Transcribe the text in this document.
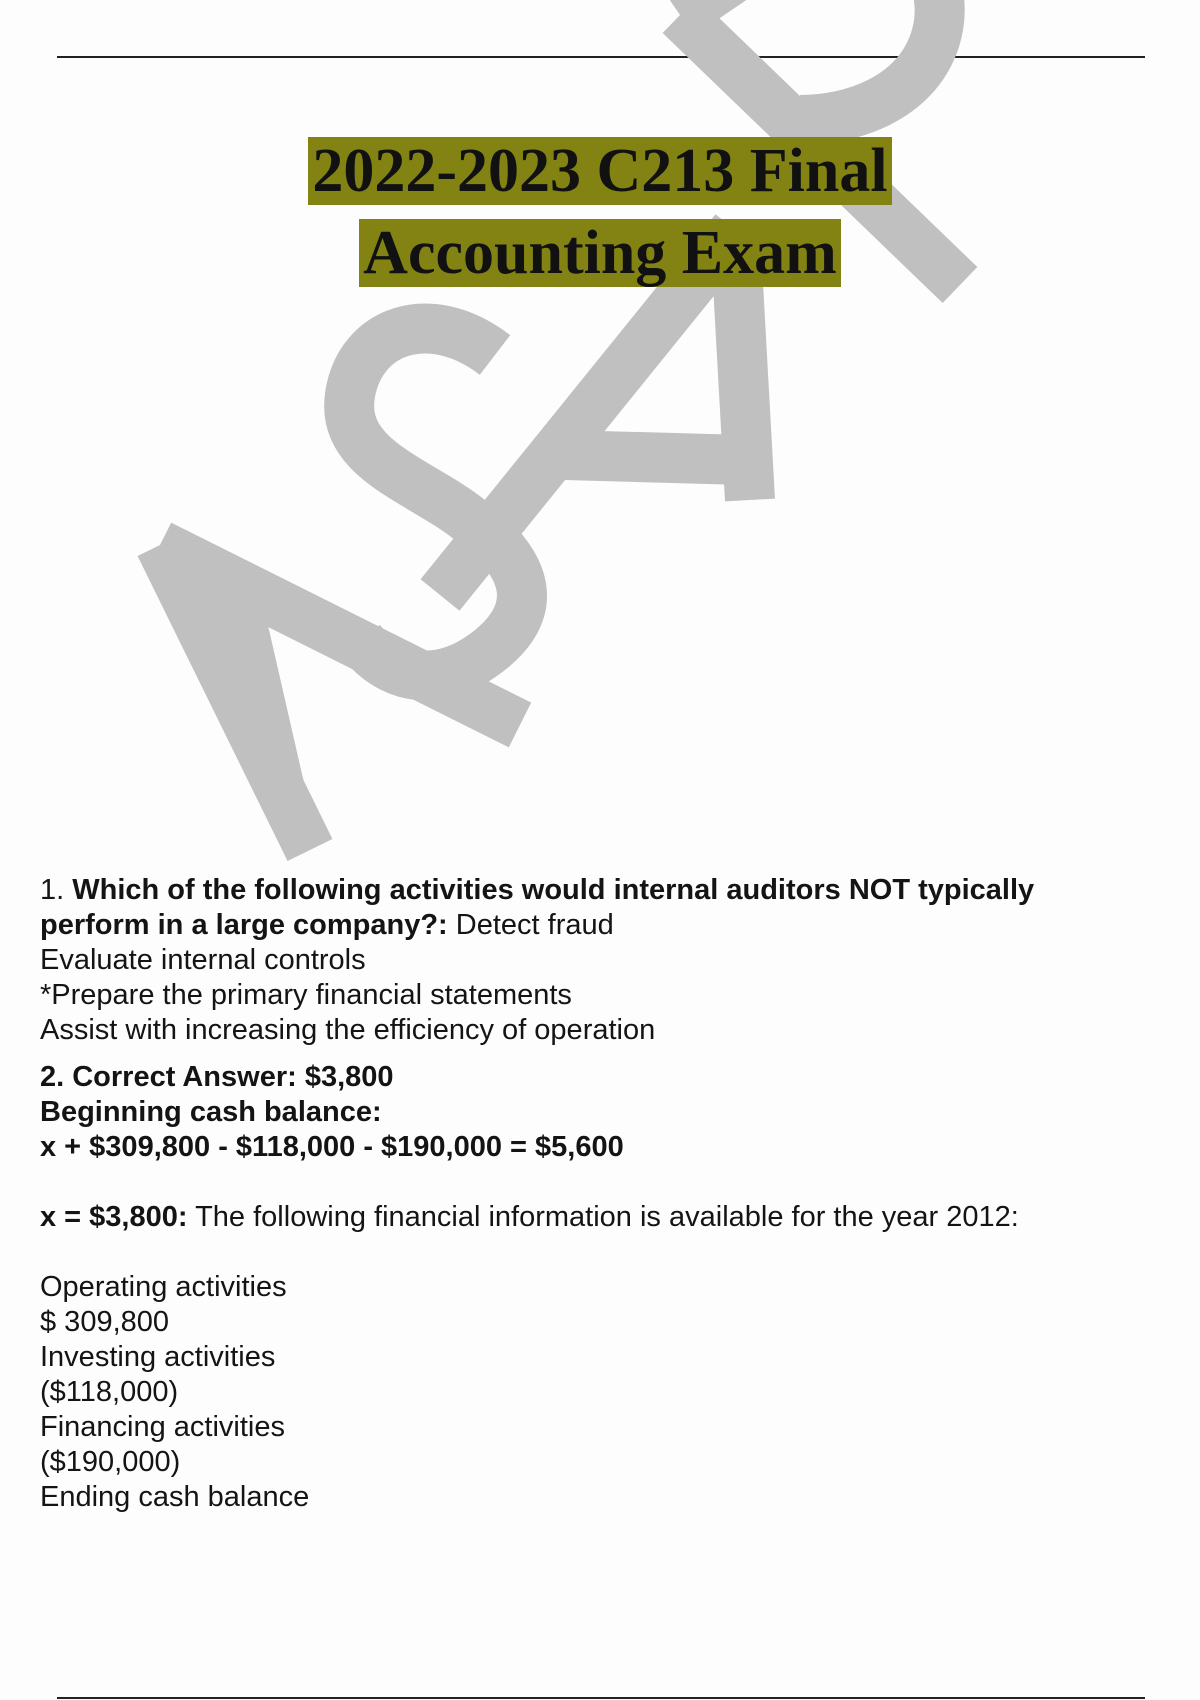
2022-2023 C213 Final
Accounting Exam

1. Which of the following activities would internal auditors NOT typically perform in a large company?: Detect fraud

Evaluate internal controls

*Prepare the primary financial statements

Assist with increasing the efficiency of operation

2. Correct Answer: $3,800

Beginning cash balance:

x + $309,800 - $118,000 - $190,000 = $5,600

x = $3,800: The following financial information is available for the year 2012:

Operating activities

$ 309,800

Investing activities

($118,000)

Financing activities

($190,000)

Ending cash balance
